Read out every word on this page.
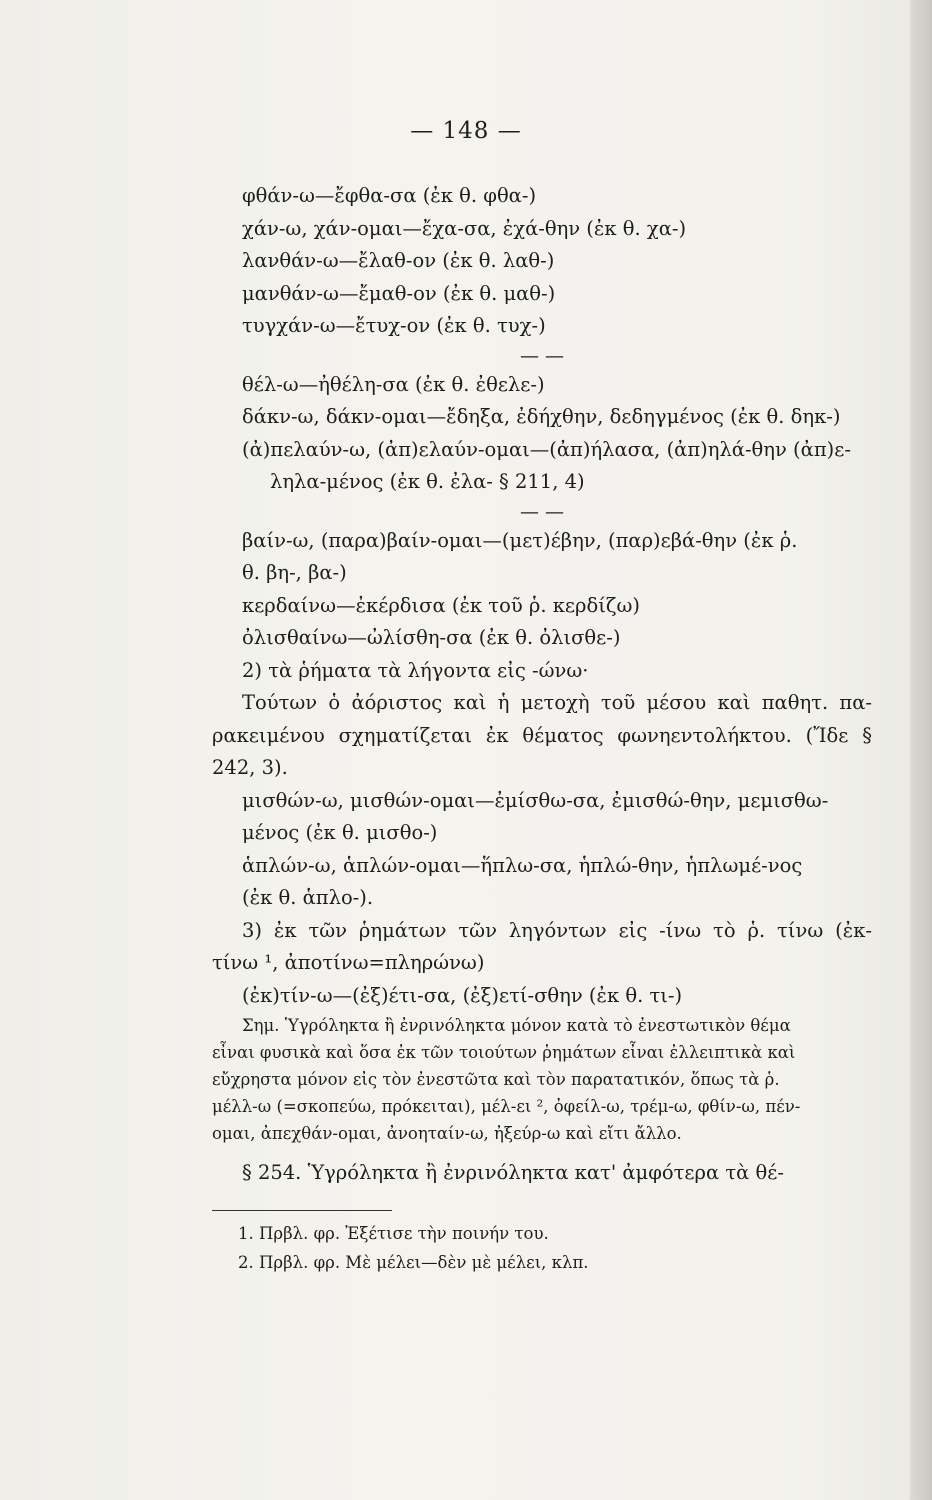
— 148 —
φθάν-ω—ἔφθα-σα (ἐκ θ. φθα-)
χάν-ω, χάν-ομαι—ἔχα-σα, ἐχά-θην (ἐκ θ. χα-)
λανθάν-ω—ἔλαθ-ον (ἐκ θ. λαθ-)
μανθάν-ω—ἔμαθ-ον (ἐκ θ. μαθ-)
τυγχάν-ω—ἔτυχ-ον (ἐκ θ. τυχ-)
— —
θέλ-ω—ἠθέλη-σα (ἐκ θ. ἐθελε-)
δάκν-ω, δάκν-ομαι—ἔδηξα, ἐδήχθην, δεδηγμένος (ἐκ θ. δηκ-)
(ἀ)πελαύν-ω, (ἀπ)ελαύν-ομαι—(ἀπ)ήλασα, (ἀπ)ηλά-θην (ἀπ)ε-
ληλα-μένος (ἐκ θ. ἐλα- § 211, 4)
— —
βαίν-ω, (παρα)βαίν-ομαι—(μετ)έβην, (παρ)εβά-θην (ἐκ ῥ.
θ. βη-, βα-)
κερδαίνω—ἐκέρδισα (ἐκ τοῦ ῥ. κερδίζω)
ὀλισθαίνω—ὠλίσθη-σα (ἐκ θ. ὀλισθε-)
2) τὰ ῥήματα τὰ λήγοντα εἰς -ώνω·
Τούτων ὁ ἀόριστος καὶ ἡ μετοχὴ τοῦ μέσου καὶ παθητ. πα-
ρακειμένου σχηματίζεται ἐκ θέματος φωνηεντολήκτου. (Ἴδε §
242, 3).
μισθών-ω, μισθών-ομαι—ἐμίσθω-σα, ἐμισθώ-θην, μεμισθω-
μένος (ἐκ θ. μισθο-)
ἁπλών-ω, ἁπλών-ομαι—ἥπλω-σα, ἡπλώ-θην, ἡπλωμέ-νος
(ἐκ θ. ἁπλο-).
3) ἐκ τῶν ῥημάτων τῶν ληγόντων εἰς -ίνω τὸ ῥ. τίνω (ἐκ-
τίνω ¹, ἀποτίνω=πληρώνω)
(ἐκ)τίν-ω—(ἐξ)έτι-σα, (ἐξ)ετί-σθην (ἐκ θ. τι-)
Σημ. Ὑγρόληκτα ἢ ἐνρινόληκτα μόνον κατὰ τὸ ἐνεστωτικὸν θέμα
εἶναι φυσικὰ καὶ ὅσα ἐκ τῶν τοιούτων ῥημάτων εἶναι ἐλλειπτικὰ καὶ
εὔχρηστα μόνον εἰς τὸν ἐνεστῶτα καὶ τὸν παρατατικόν, ὅπως τὰ ῥ.
μέλλ-ω (=σκοπεύω, πρόκειται), μέλ-ει ², ὀφείλ-ω, τρέμ-ω, φθίν-ω, πέν-
ομαι, ἀπεχθάν-ομαι, ἀνοηταίν-ω, ἠξεύρ-ω καὶ εἴτι ἄλλο.
§ 254. Ὑγρόληκτα ἢ ἐνρινόληκτα κατ' ἀμφότερα τὰ θέ-
1. Πρβλ. φρ. Ἐξέτισε τὴν ποινήν του.
2. Πρβλ. φρ. Μὲ μέλει—δὲν μὲ μέλει, κλπ.
